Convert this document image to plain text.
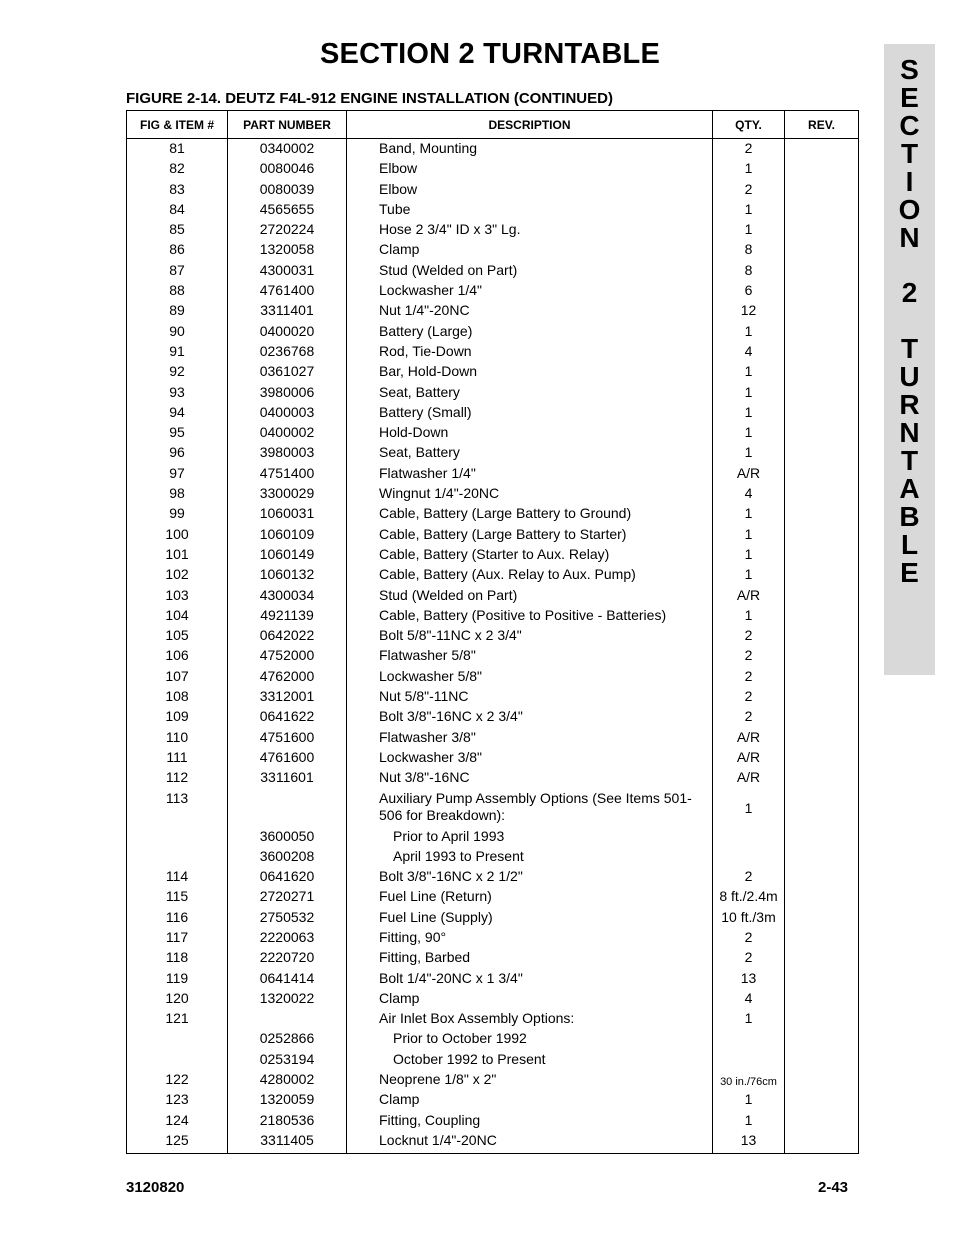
SECTION 2 TURNTABLE
FIGURE 2-14. DEUTZ F4L-912 ENGINE INSTALLATION (CONTINUED)
S
E
C
T
I
O
N
2
T
U
R
N
T
A
B
L
E
FIG & ITEM #	PART NUMBER	DESCRIPTION	QTY.	REV.
81	0340002	Band, Mounting	2	
82	0080046	Elbow	1	
83	0080039	Elbow	2	
84	4565655	Tube	1	
85	2720224	Hose 2 3/4" ID x 3" Lg.	1	
86	1320058	Clamp	8	
87	4300031	Stud (Welded on Part)	8	
88	4761400	Lockwasher 1/4"	6	
89	3311401	Nut 1/4"-20NC	12	
90	0400020	Battery (Large)	1	
91	0236768	Rod, Tie-Down	4	
92	0361027	Bar, Hold-Down	1	
93	3980006	Seat, Battery	1	
94	0400003	Battery (Small)	1	
95	0400002	Hold-Down	1	
96	3980003	Seat, Battery	1	
97	4751400	Flatwasher 1/4"	A/R	
98	3300029	Wingnut 1/4"-20NC	4	
99	1060031	Cable, Battery (Large Battery to Ground)	1	
100	1060109	Cable, Battery (Large Battery to Starter)	1	
101	1060149	Cable, Battery (Starter to Aux. Relay)	1	
102	1060132	Cable, Battery (Aux. Relay to Aux. Pump)	1	
103	4300034	Stud (Welded on Part)	A/R	
104	4921139	Cable, Battery (Positive to Positive - Batteries)	1	
105	0642022	Bolt 5/8"-11NC x 2 3/4"	2	
106	4752000	Flatwasher 5/8"	2	
107	4762000	Lockwasher 5/8"	2	
108	3312001	Nut 5/8"-11NC	2	
109	0641622	Bolt 3/8"-16NC x 2 3/4"	2	
110	4751600	Flatwasher 3/8"	A/R	
111	4761600	Lockwasher 3/8"	A/R	
112	3311601	Nut 3/8"-16NC	A/R	
113		Auxiliary Pump Assembly Options (See Items 501-506 for Breakdown):	1	
	3600050	Prior to April 1993		
	3600208	April 1993 to Present		
114	0641620	Bolt 3/8"-16NC x 2 1/2"	2	
115	2720271	Fuel Line (Return)	8 ft./2.4m	
116	2750532	Fuel Line (Supply)	10 ft./3m	
117	2220063	Fitting, 90°	2	
118	2220720	Fitting, Barbed	2	
119	0641414	Bolt 1/4"-20NC x 1 3/4"	13	
120	1320022	Clamp	4	
121		Air Inlet Box Assembly Options:	1	
	0252866	Prior to October 1992		
	0253194	October 1992 to Present		
122	4280002	Neoprene 1/8" x 2"	30 in./76cm	
123	1320059	Clamp	1	
124	2180536	Fitting, Coupling	1	
125	3311405	Locknut 1/4"-20NC	13	
3120820	2-43
